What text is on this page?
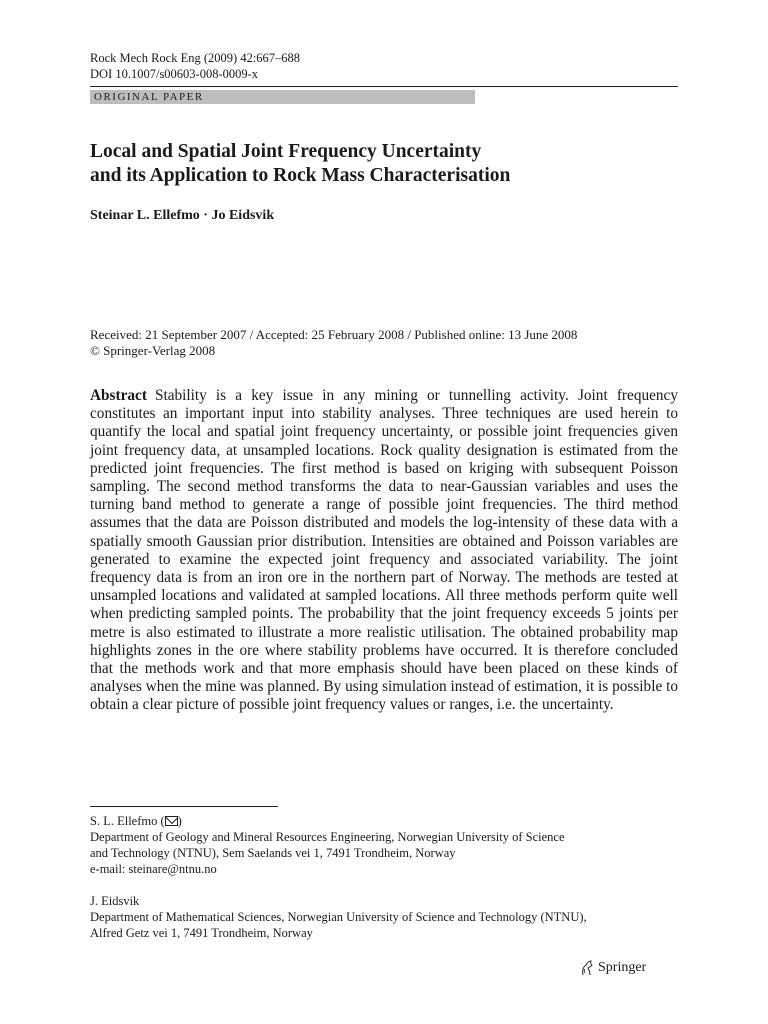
Rock Mech Rock Eng (2009) 42:667–688
DOI 10.1007/s00603-008-0009-x
ORIGINAL PAPER
Local and Spatial Joint Frequency Uncertainty
and its Application to Rock Mass Characterisation
Steinar L. Ellefmo · Jo Eidsvik
Received: 21 September 2007 / Accepted: 25 February 2008 / Published online: 13 June 2008
© Springer-Verlag 2008
Abstract Stability is a key issue in any mining or tunnelling activity. Joint frequency constitutes an important input into stability analyses. Three techniques are used herein to quantify the local and spatial joint frequency uncertainty, or possible joint frequencies given joint frequency data, at unsampled locations. Rock quality designation is estimated from the predicted joint frequencies. The first method is based on kriging with subsequent Poisson sampling. The second method transforms the data to near-Gaussian variables and uses the turning band method to generate a range of possible joint frequencies. The third method assumes that the data are Poisson distributed and models the log-intensity of these data with a spatially smooth Gaussian prior distribution. Intensities are obtained and Poisson variables are generated to examine the expected joint frequency and associated variability. The joint frequency data is from an iron ore in the northern part of Norway. The methods are tested at unsampled locations and validated at sampled locations. All three methods perform quite well when predicting sampled points. The probability that the joint frequency exceeds 5 joints per metre is also estimated to illustrate a more realistic utilisation. The obtained probability map highlights zones in the ore where stability problems have occurred. It is therefore concluded that the methods work and that more emphasis should have been placed on these kinds of analyses when the mine was planned. By using simulation instead of estimation, it is possible to obtain a clear picture of possible joint frequency values or ranges, i.e. the uncertainty.
S. L. Ellefmo ( )
Department of Geology and Mineral Resources Engineering, Norwegian University of Science
and Technology (NTNU), Sem Saelands vei 1, 7491 Trondheim, Norway
e-mail: steinare@ntnu.no
J. Eidsvik
Department of Mathematical Sciences, Norwegian University of Science and Technology (NTNU),
Alfred Getz vei 1, 7491 Trondheim, Norway
Springer
